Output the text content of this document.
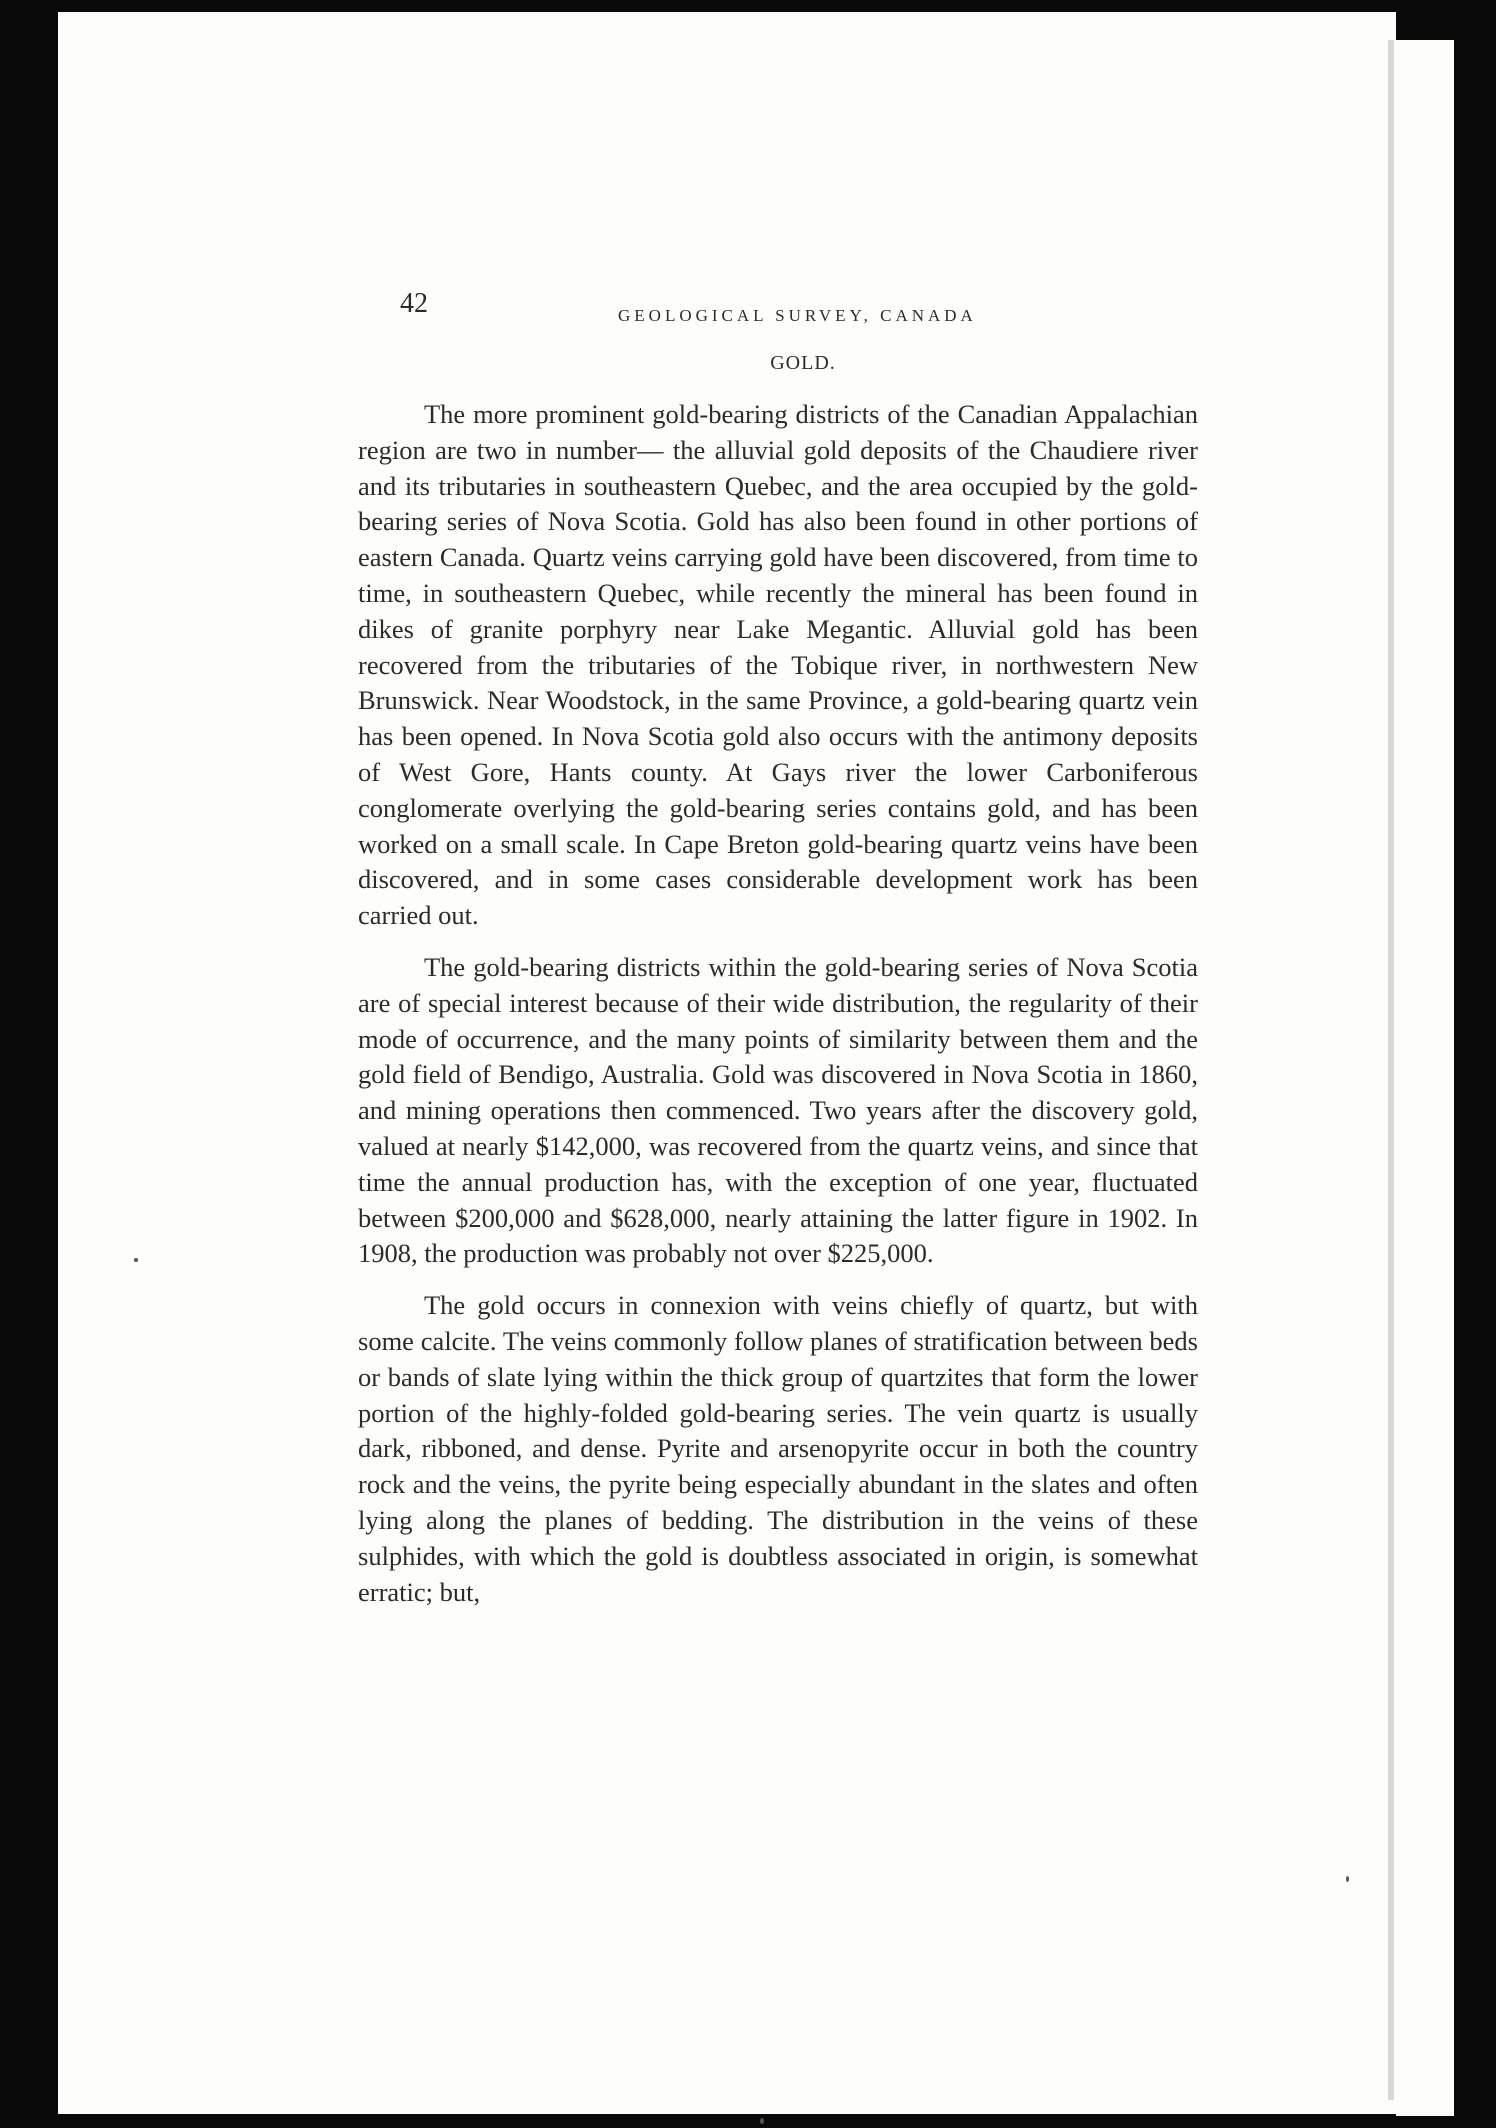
42	GEOLOGICAL SURVEY, CANADA
GOLD.

The more prominent gold-bearing districts of the Canadian Appalachian region are two in number— the alluvial gold deposits of the Chaudiere river and its tributaries in southeastern Quebec, and the area occupied by the gold-bearing series of Nova Scotia. Gold has also been found in other portions of eastern Canada. Quartz veins carrying gold have been discovered, from time to time, in southeastern Quebec, while recently the mineral has been found in dikes of granite porphyry near Lake Megantic. Alluvial gold has been recovered from the tributaries of the Tobique river, in northwestern New Brunswick. Near Woodstock, in the same Province, a gold-bearing quartz vein has been opened. In Nova Scotia gold also occurs with the antimony deposits of West Gore, Hants county. At Gays river the lower Carboniferous conglomerate overlying the gold-bearing series contains gold, and has been worked on a small scale. In Cape Breton gold-bearing quartz veins have been discovered, and in some cases considerable development work has been carried out.

The gold-bearing districts within the gold-bearing series of Nova Scotia are of special interest because of their wide distribution, the regularity of their mode of occurrence, and the many points of similarity between them and the gold field of Bendigo, Australia. Gold was discovered in Nova Scotia in 1860, and mining operations then commenced. Two years after the discovery gold, valued at nearly $142,000, was recovered from the quartz veins, and since that time the annual production has, with the exception of one year, fluctuated between $200,000 and $628,000, nearly attaining the latter figure in 1902. In 1908, the production was probably not over $225,000.

The gold occurs in connexion with veins chiefly of quartz, but with some calcite. The veins commonly follow planes of stratification between beds or bands of slate lying within the thick group of quartzites that form the lower portion of the highly-folded gold-bearing series. The vein quartz is usually dark, ribboned, and dense. Pyrite and arsenopyrite occur in both the country rock and the veins, the pyrite being especially abundant in the slates and often lying along the planes of bedding. The distribution in the veins of these sulphides, with which the gold is doubtless associated in origin, is somewhat erratic; but,
